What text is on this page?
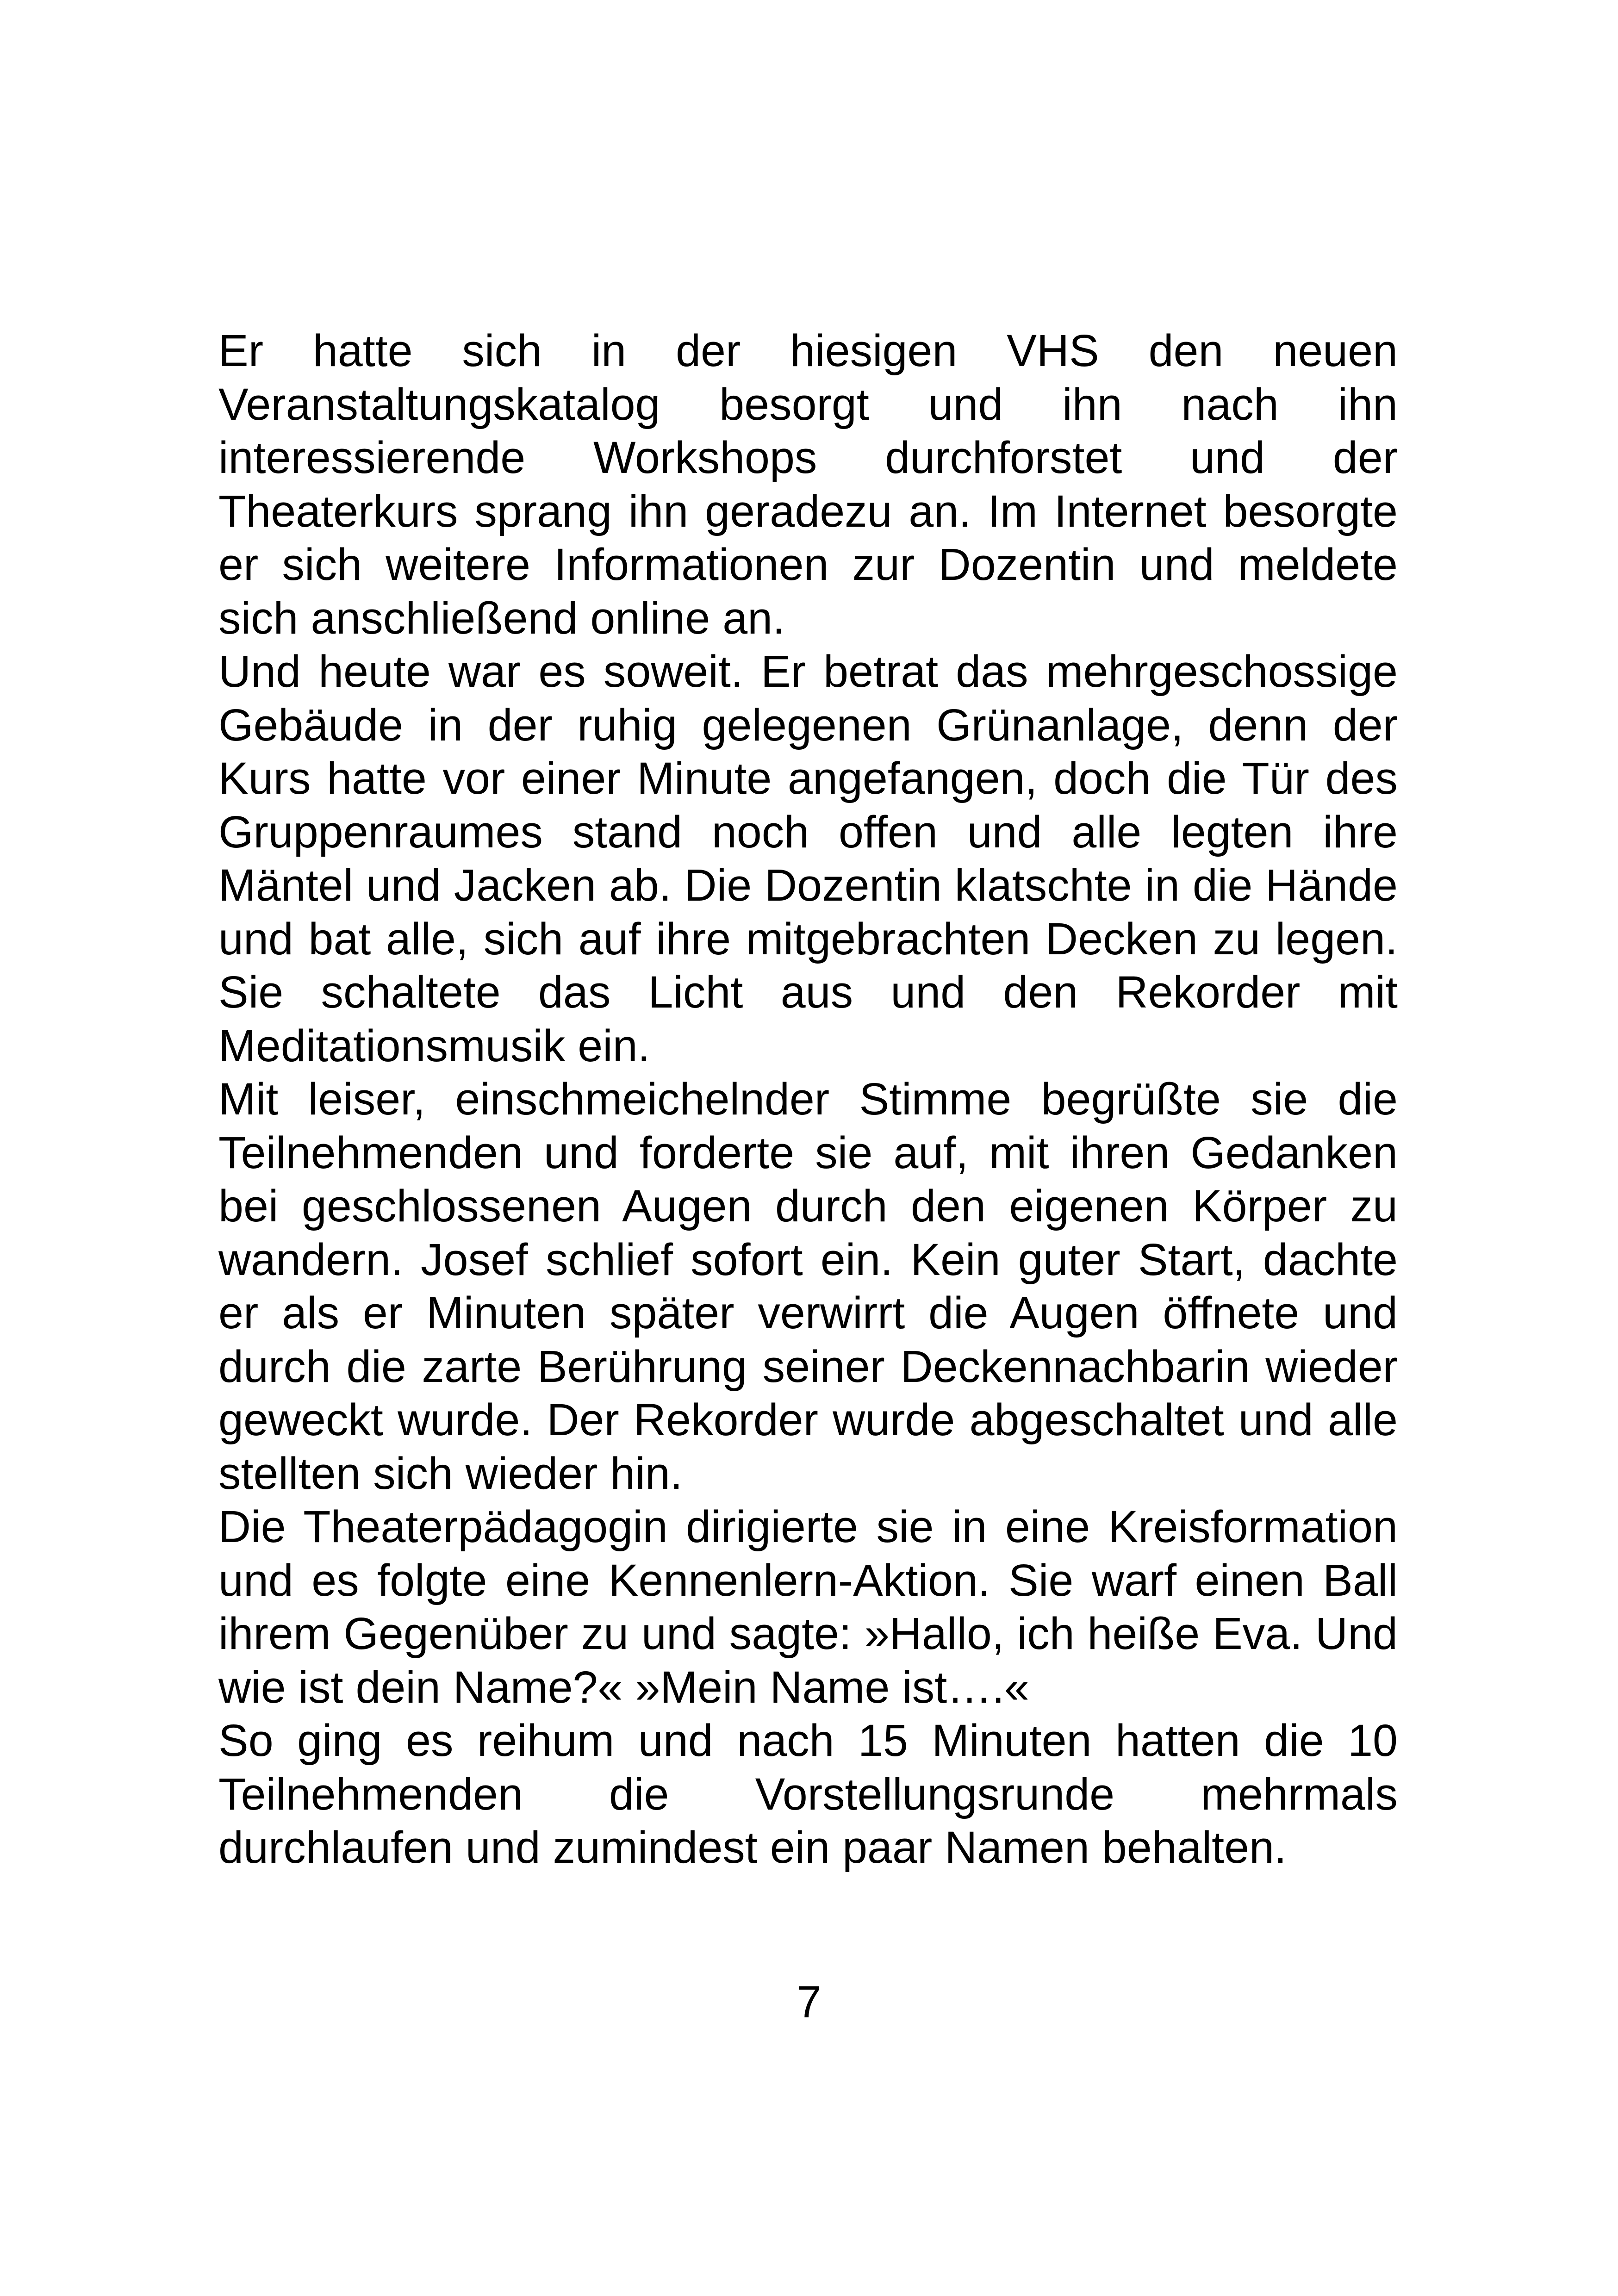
Er hatte sich in der hiesigen VHS den neuen Veranstaltungskatalog besorgt und ihn nach ihn interessierende Workshops durchforstet und der Theaterkurs sprang ihn geradezu an. Im Internet besorgte er sich weitere Informationen zur Dozentin und meldete sich anschließend online an.

Und heute war es soweit. Er betrat das mehrgeschossige Gebäude in der ruhig gelegenen Grünanlage, denn der Kurs hatte vor einer Minute angefangen, doch die Tür des Gruppenraumes stand noch offen und alle legten ihre Mäntel und Jacken ab. Die Dozentin klatschte in die Hände und bat alle, sich auf ihre mitgebrachten Decken zu legen. Sie schaltete das Licht aus und den Rekorder mit Meditationsmusik ein.

Mit leiser, einschmeichelnder Stimme begrüßte sie die Teilnehmenden und forderte sie auf, mit ihren Gedanken bei geschlossenen Augen durch den eigenen Körper zu wandern. Josef schlief sofort ein. Kein guter Start, dachte er als er Minuten später verwirrt die Augen öffnete und durch die zarte Berührung seiner Deckennachbarin wieder geweckt wurde. Der Rekorder wurde abgeschaltet und alle stellten sich wieder hin.

Die Theaterpädagogin dirigierte sie in eine Kreisformation und es folgte eine Kennenlern-Aktion. Sie warf einen Ball ihrem Gegenüber zu und sagte: »Hallo, ich heiße Eva. Und wie ist dein Name?« »Mein Name ist….«

So ging es reihum und nach 15 Minuten hatten die 10 Teilnehmenden die Vorstellungsrunde mehrmals durchlaufen und zumindest ein paar Namen behalten.

7
